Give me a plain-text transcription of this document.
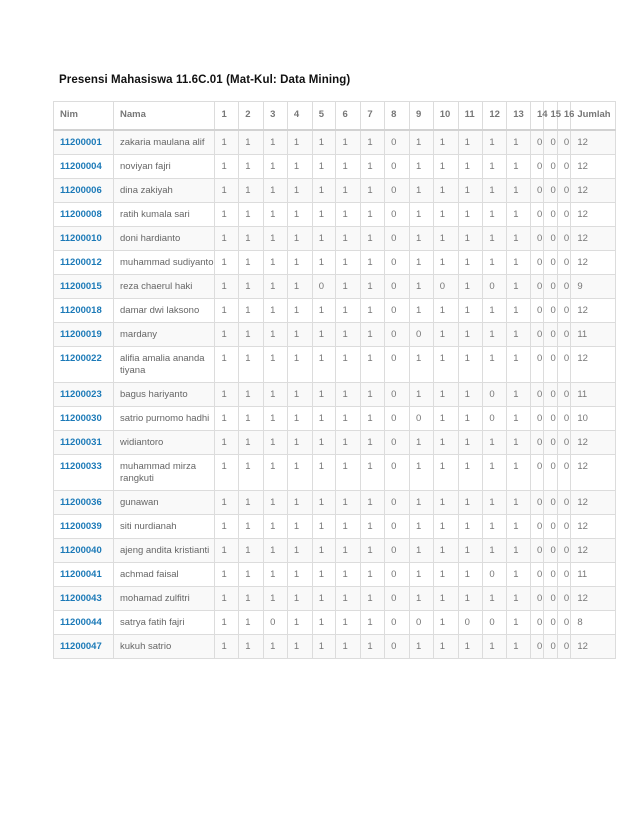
Presensi Mahasiswa 11.6C.01 (Mat-Kul: Data Mining)
Nim	Nama	1	2	3	4	5	6	7	8	9	10	11	12	13	14	15	16	Jumlah
11200001	zakaria maulana alif	1	1	1	1	1	1	1	0	1	1	1	1	1	0	0	0	12
11200004	noviyan fajri	1	1	1	1	1	1	1	0	1	1	1	1	1	0	0	0	12
11200006	dina zakiyah	1	1	1	1	1	1	1	0	1	1	1	1	1	0	0	0	12
11200008	ratih kumala sari	1	1	1	1	1	1	1	0	1	1	1	1	1	0	0	0	12
11200010	doni hardianto	1	1	1	1	1	1	1	0	1	1	1	1	1	0	0	0	12
11200012	muhammad sudiyanto	1	1	1	1	1	1	1	0	1	1	1	1	1	0	0	0	12
11200015	reza chaerul haki	1	1	1	1	0	1	1	0	1	0	1	0	1	0	0	0	9
11200018	damar dwi laksono	1	1	1	1	1	1	1	0	1	1	1	1	1	0	0	0	12
11200019	mardany	1	1	1	1	1	1	1	0	0	1	1	1	1	0	0	0	11
11200022	alifia amalia ananda tiyana	1	1	1	1	1	1	1	0	1	1	1	1	1	0	0	0	12
11200023	bagus hariyanto	1	1	1	1	1	1	1	0	1	1	1	0	1	0	0	0	11
11200030	satrio purnomo hadhi	1	1	1	1	1	1	1	0	0	1	1	0	1	0	0	0	10
11200031	widiantoro	1	1	1	1	1	1	1	0	1	1	1	1	1	0	0	0	12
11200033	muhammad mirza rangkuti	1	1	1	1	1	1	1	0	1	1	1	1	1	0	0	0	12
11200036	gunawan	1	1	1	1	1	1	1	0	1	1	1	1	1	0	0	0	12
11200039	siti nurdianah	1	1	1	1	1	1	1	0	1	1	1	1	1	0	0	0	12
11200040	ajeng andita kristianti	1	1	1	1	1	1	1	0	1	1	1	1	1	0	0	0	12
11200041	achmad faisal	1	1	1	1	1	1	1	0	1	1	1	0	1	0	0	0	11
11200043	mohamad zulfitri	1	1	1	1	1	1	1	0	1	1	1	1	1	0	0	0	12
11200044	satrya fatih fajri	1	1	0	1	1	1	1	0	0	1	0	0	1	0	0	0	8
11200047	kukuh satrio	1	1	1	1	1	1	1	0	1	1	1	1	1	0	0	0	12
